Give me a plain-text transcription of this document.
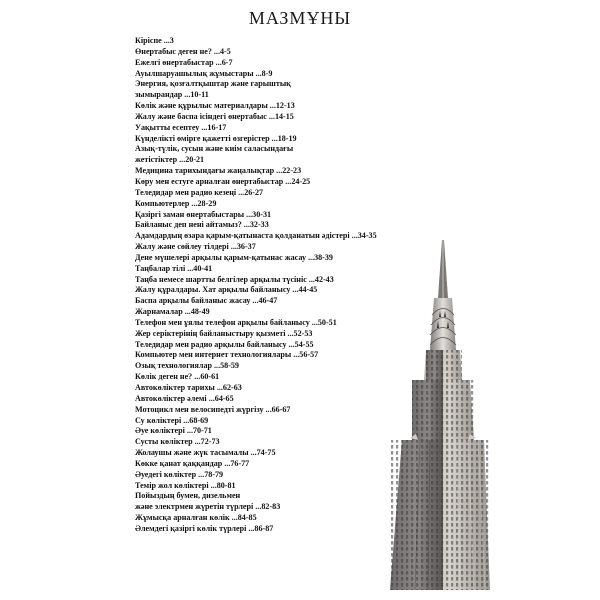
МАЗМҰНЫ
Кіріспе ...3
Өнертабыс деген не? ...4-5
Ежелгі өнертабыстар ...6-7
Ауылшаруашылық жұмыстары ...8-9
Энергия, қозғалтқыштар және гарыштық
зымырандар ...10-11
Көлік және құрылыс материалдары ...12-13
Жалу және баспа ісіндегі өнертабыс ...14-15
Уақытты есептеу ...16-17
Күнделікті өмірге қажетті өзгерістер ...18-19
Азық-түлік, сусын және киім саласындағы
жетістіктер ...20-21
Медицина тарихындағы жаңалықтар ...22-23
Көру мен естуге арналған өнертабыстар ...24-25
Теледидар мен радио кезеңі ...26-27
Компьютерлер ...28-29
Қазіргі заман өнертабыстары ...30-31
Байланыс деп нені айтамыз? ...32-33
Адамдардың өзара қарым-қатынаста қолданатын әдістері ...34-35
Жалу және сөйлеу тілдері ...36-37
Дене мүшелері арқылы қарым-қатынас жасау ...38-39
Таңбалар тілі ...40-41
Таңба немесе шартты белгілер арқылы түсініс ...42-43
Жалу құралдары. Хат арқылы байланысу ...44-45
Баспа арқылы байланыс жасау ...46-47
Жарнамалар ...48-49
Телефон мен ұялы телефон арқылы байланысу ...50-51
Жер серіктерінің байланыстыру қызметі ...52-53
Теледидар мен радио арқылы байланысу ...54-55
Компьютер мен интернет технологиялары ...56-57
Озық технологиялар ...58-59
Көлік деген не? ...60-61
Автокөліктер тарихы ...62-63
Автокөліктер әлемі ...64-65
Мотоцикл мен велосипедті жүргізу ...66-67
Су көліктері ...68-69
Әуе көліктері ...70-71
Сусты көліктер ...72-73
Жолаушы және жүк тасымалы ...74-75
Көкке қанат қаққандар ...76-77
Әуедегі көліктер ...78-79
Темір жол көліктері ...80-81
Пойыздың бумен, дизельмен
және электрмен жүретін түрлері ...82-83
Жұмысқа арналған көлік ...84-85
Әлемдегі қазіргі көлік түрлері ...86-87
